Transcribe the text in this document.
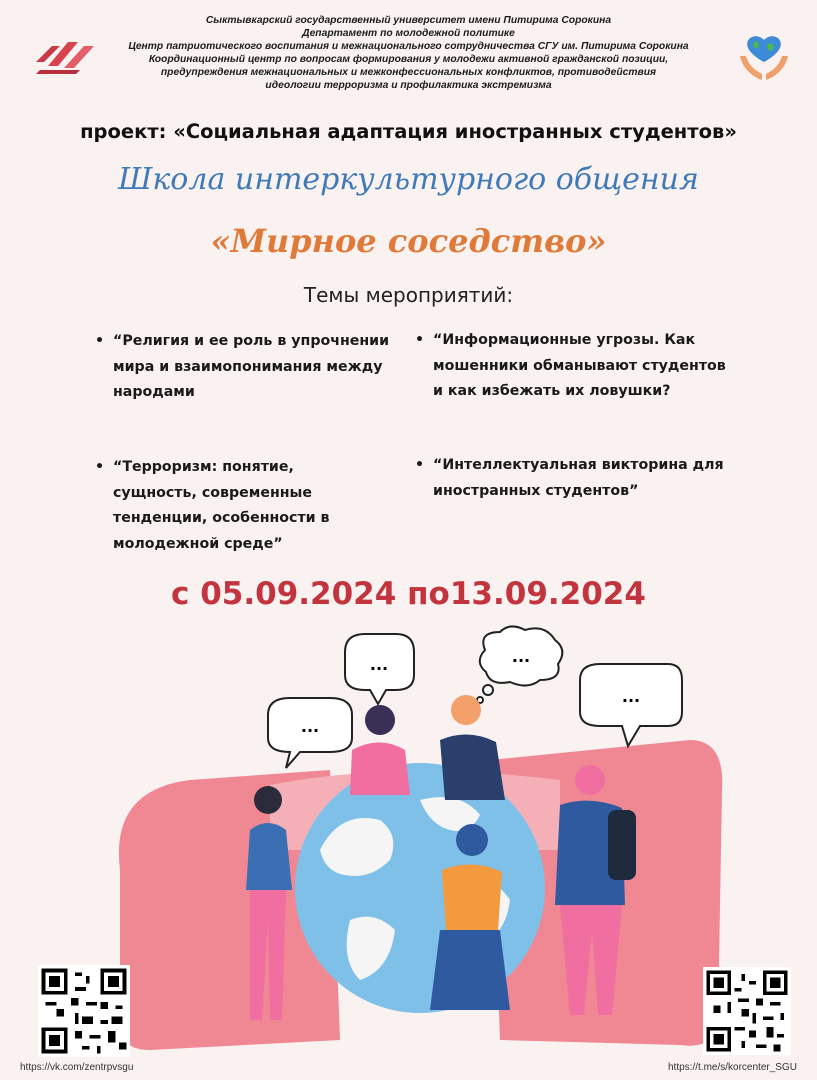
Сыктывкарский государственный университет имени Питирима Сорокина
Департамент по молодежной политике
Центр патриотического воспитания и межнационального сотрудничества СГУ им. Питирима Сорокина
Координационный центр по вопросам формирования у молодежи активной гражданской позиции,
предупреждения межнациональных и межконфессиональных конфликтов, противодействия
идеологии терроризма и профилактика экстремизма
проект: «Социальная адаптация иностранных студентов»
Школа интеркультурного общения
«Мирное соседство»
Темы мероприятий:
• “Религия и ее роль в упрочнении
мира и взаимопонимания между
народами
• “Информационные угрозы. Как
мошенники обманывают студентов
и как избежать их ловушки?
• “Терроризм: понятие,
сущность, современные
тенденции, особенности в
молодежной среде”
• “Интеллектуальная викторина для
иностранных студентов”
с 05.09.2024 по13.09.2024
...
...	...
...
https://vk.com/zentrpvsgu	https://t.me/s/korcenter_SGU
